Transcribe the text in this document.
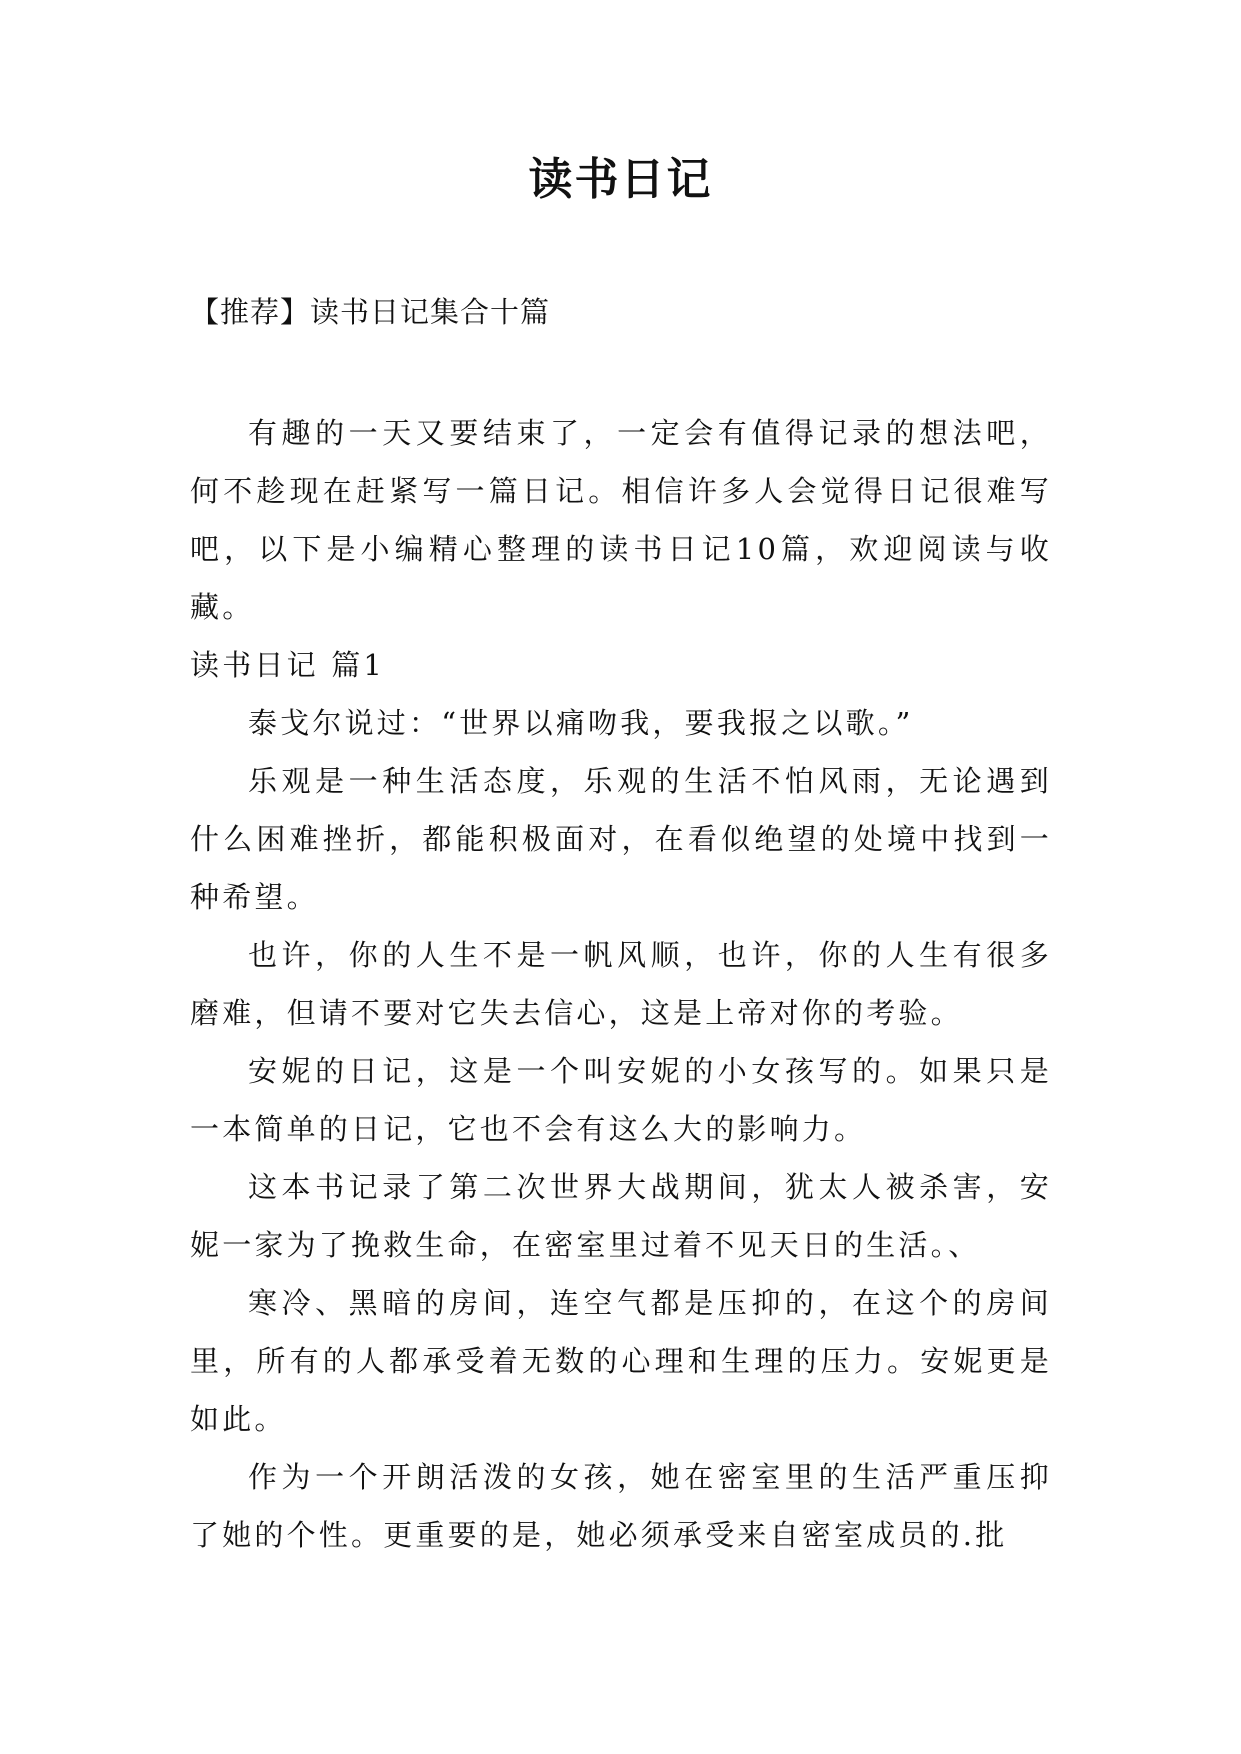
读书日记
【推荐】读书日记集合十篇

有趣的一天又要结束了，一定会有值得记录的想法吧，何不趁现在赶紧写一篇日记。相信许多人会觉得日记很难写吧，以下是小编精心整理的读书日记10篇，欢迎阅读与收藏。

读书日记 篇1

泰戈尔说过：“世界以痛吻我，要我报之以歌。”

乐观是一种生活态度，乐观的生活不怕风雨，无论遇到什么困难挫折，都能积极面对，在看似绝望的处境中找到一种希望。

也许，你的人生不是一帆风顺，也许，你的人生有很多磨难，但请不要对它失去信心，这是上帝对你的考验。

安妮的日记，这是一个叫安妮的小女孩写的。如果只是一本简单的日记，它也不会有这么大的影响力。

这本书记录了第二次世界大战期间，犹太人被杀害，安妮一家为了挽救生命，在密室里过着不见天日的生活。、

寒冷、黑暗的房间，连空气都是压抑的，在这个的房间里，所有的人都承受着无数的心理和生理的压力。安妮更是如此。

作为一个开朗活泼的女孩，她在密室里的生活严重压抑了她的个性。更重要的是，她必须承受来自密室成员的.批
